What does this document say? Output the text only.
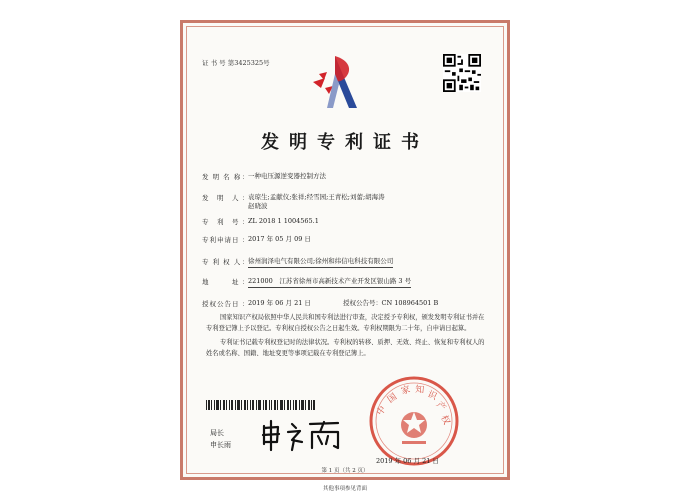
证 书 号 第3425325号
发明专利证书
发 明 名 称 ： 一种电压源逆变器控制方法
发　明　人 ： 袁琼生;孟献仪;张祥;经雪园;王青松;刘蕾;胡海涛
赵晓波
专　利　号 ： ZL 2018 1 1004565.1
专利申请日 ： 2017 年 05 月 09 日
专 利 权 人 ： 徐州润泽电气有限公司;徐州和纬信电科技有限公司
地　　　址 ： 221000　江苏省徐州市高新技术产业开发区银山路 3 号
授权公告日 ： 2019 年 06 月 21 日	授权公告号 ： CN 108964501 B

国家知识产权局依照中华人民共和国专利法进行审查，决定授予专利权，颁发发明专利证书并在专利登记簿上予以登记。专利权自授权公告之日起生效。专利权期限为二十年，自申请日起算。

专利证书记载专利权登记时的法律状况。专利权的转移、质押、无效、终止、恢复和专利权人的姓名或名称、国籍、地址变更等事项记载在专利登记簿上。

局长
申长雨
国
家 知 识
产
权
中
2019 年 06 月 21 日
第 1 页（共 2 页）
其他事项参见背面
